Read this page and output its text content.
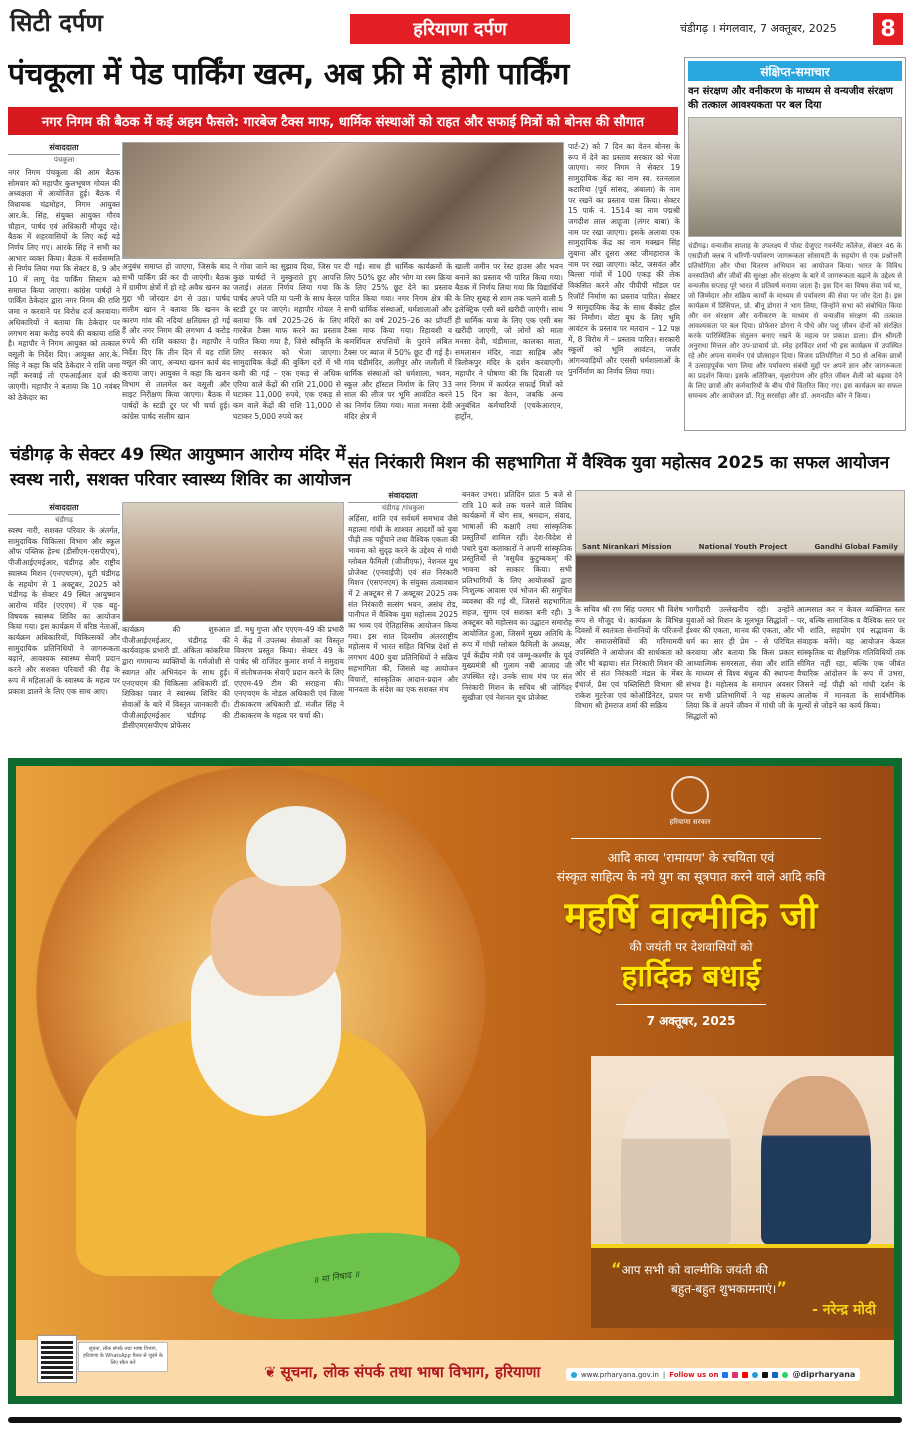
सिटी दर्पण	हरियाणा दर्पण	चंडीगढ़ । मंगलवार, 7 अक्तूबर, 2025	8
पंचकूला में पेड पार्किंग खत्म, अब फ्री में होगी पार्किंग
नगर निगम की बैठक में कई अहम फैसले: गारबेज टैक्स माफ, धार्मिक संस्थाओं को राहत और सफाई मित्रों को बोनस की सौगात
संवाददाता
पंचकूला
नगर निगम पंचकूला की आम बैठक सोमवार को महापौर कुलभूषण गोयल की अध्यक्षता में आयोजित हुई। बैठक में विधायक चंद्रमोहन, निगम आयुक्त आर.के. सिंह, संयुक्त आयुक्त गौरव चौहान, पार्षद एवं अधिकारी मौजूद रहे। बैठक में शहरवासियों के लिए कई बड़े निर्णय लिए गए। आरके सिंह ने सभी का आभार व्यक्त किया। बैठक में सर्वसम्मति से निर्णय लिया गया कि सेक्टर 8, 9 और 10 में लागू पेड पार्किंग सिस्टम को समाप्त किया जाएगा। कांग्रेस पार्षदों ने पार्किंग ठेकेदार द्वारा नगर निगम की राशि जमा न करवाने पर विरोध दर्ज करवाया। अधिकारियों ने बताया कि ठेकेदार पर लगभग सवा करोड़ रुपये की बकाया राशि है। महापौर ने निगम आयुक्त को तत्काल वसूली के निर्देश दिए। आयुक्त आर.के. सिंह ने कहा कि यदि ठेकेदार ने राशि जमा नहीं करवाई तो एफआईआर दर्ज की जाएगी। महापौर ने बताया कि 10 नवंबर को ठेकेदार का
अनुबंध समाप्त हो जाएगा, जिसके बाद सभी पार्किंग फ्री कर दी जाएंगी। बैठक में ग्रामीण क्षेत्रों में हो रहे अवैध खनन का मुद्दा भी जोरदार ढंग से उठा। पार्षद सलीम खान ने बताया कि खनन के कारण गांव की नदियां क्षतिग्रस्त हो गई हैं और नगर निगम की लगभग 4 करोड़ रुपये की राशि बकाया है। महापौर ने निर्देश दिए कि तीन दिन में यह राशि वसूल की जाए, अन्यथा खनन कार्य बंद कराया जाए। आयुक्त ने कहा कि खनन विभाग से तालमेल कर वसूली और साइट निरीक्षण किया जाएगा। बैठक में पार्षदों के स्टडी टूर पर भी चर्चा हुई। कांग्रेस पार्षद सलीम खान
ने गोवा जाने का सुझाव दिया, जिस पर कुछ पार्षदों ने मुस्कुराते हुए आपत्ति जताई। अंततः निर्णय लिया गया कि पार्षद अपने पति या पत्नी के साथ केरल स्टडी टूर पर जाएंगे। महापौर गोयल ने बताया कि वर्ष 2025-26 के लिए गारबेज टैक्स माफ करने का प्रस्ताव पारित किया गया है, जिसे स्वीकृति के लिए सरकार को भेजा जाएगा। सामुदायिक केंद्रों की बुकिंग दरों में भी कमी की गई – एक एकड़ से अधिक एरिया वाले केंद्रों की राशि 21,000 से घटाकर 11,000 रुपये, एक एकड़ से कम वाले केंद्रों की राशि 11,000 से घटाकर 5,000 रुपये कर
दी गई। साथ ही धार्मिक कार्यक्रमों के लिए 50% छूट और भोग या रस्म क्रिया के लिए 25% छूट देने का प्रस्ताव पारित किया गया। नगर निगम क्षेत्र की सभी धार्मिक संस्थाओं, धर्मशालाओं और मंदिरों का वर्ष 2025–26 का प्रॉपर्टी टैक्स माफ किया गया। रिहायशी व कमर्शियल संपत्तियों के पुराने लंबित टैक्स पर ब्याज में 50% छूट दी गई है। गांव चंडीमंदिर, अलीपुर और जलौली में धार्मिक संस्थाओं को धर्मशाला, भवन, स्कूल और हॉस्टल निर्माण के लिए 33 साल की लीज पर भूमि आवंटित करने का निर्णय लिया गया। माता मनसा देवी मंदिर क्षेत्र में
खाली जमीन पर रेस्ट हाउस और भवन बनाने का प्रस्ताव भी पारित किया गया। बैठक में निर्णय लिया गया कि विद्यार्थियों के लिए सुबह से शाम तक चलने वाली 5 इलेक्ट्रिक एसी बसें खरीदी जाएंगी। साथ ही धार्मिक यात्रा के लिए एक एसी बस खरीदी जाएगी, जो लोगों को माता मनसा देवी, चंडीमाता, कालका माता, समलासन मंदिर, नाडा साहिब और त्रिलोकपुर मंदिर के दर्शन करवाएगी। महापौर ने घोषणा की कि दिवाली पर नगर निगम में कार्यरत सफाई मित्रों को 15 दिन का वेतन, जबकि अन्य अनुबंधित कर्मचारियों (एचकेआरएन, हार्ट्रोन,
पार्ट-2) को 7 दिन का वेतन बोनस के रूप में देने का प्रस्ताव सरकार को भेजा जाएगा। नगर निगम ने सेक्टर 19 सामुदायिक केंद्र का नाम स्व. रतनलाल कटारिया (पूर्व सांसद, अंबाला) के नाम पर रखने का प्रस्ताव पास किया। सेक्टर 15 पार्क नं. 1514 का नाम पद्मश्री जगदीश लाल आहूजा (लंगर बाबा) के नाम पर रखा जाएगा। इसके अलावा एक सामुदायिक केंद्र का नाम मक्खन सिंह लुबाना और दूसरा अस्ट जीमहाराज के नाम पर रखा जाएगा। कोट, जसवंत और बिल्ला गांवों में 100 एकड़ की लेक विकसित करने और पीपीपी मॉडल पर रिजॉर्ट निर्माण का प्रस्ताव पारित। सेक्टर 9 सामुदायिक केंद्र के साथ बैंक्वेट हॉल का निर्माण। वोटा बूथ के लिए भूमि आवंटन के प्रस्ताव पर मतदान – 12 पक्ष में, 8 विरोध में – प्रस्ताव पारित। सरकारी स्कूलों को भूमि आवंटन, जर्जर आंगनवाड़ियों और एससी धर्मशालाओं के पुनर्निर्माण का निर्णय लिया गया।
संक्षिप्त-समाचार
वन संरक्षण और वनीकरण के माध्यम से वन्यजीव संरक्षण की तत्काल आवश्यकता पर बल दिया
चंडीगढ़। वन्यजीव सप्ताह के उपलक्ष्य में पोस्ट ग्रेजुएट गवर्नमेंट कॉलेज, सेक्टर 46 के एसडीजी क्लब ने धरिणी-पर्यावरण जागरूकता सोसायटी के सहयोग से एक प्रश्नोत्तरी प्रतियोगिता और पौधा वितरण अभियान का आयोजन किया। भारत के विविध वनस्पतियों और जीवों की सुरक्षा और संरक्षण के बारे में जागरूकता बढ़ाने के उद्देश्य से वन्यजीव सप्ताह पूरे भारत में प्रतिवर्ष मनाया जाता है। इस दिन का विषय सेवा पर्व था, जो जिम्मेदार और सक्रिय कार्यों के माध्यम से पर्यावरण की सेवा पर जोर देता है। इस कार्यक्रम में प्रिंसिपल, प्रो. बीनू डोगरा ने भाग लिया, जिन्होंने सभा को संबोधित किया और वन संरक्षण और वनीकरण के माध्यम से वन्यजीव संरक्षण की तत्काल आवश्यकता पर बल दिया। प्रोफेसर डोगरा ने पौधे और पशु जीवन दोनों को संरक्षित करके पारिस्थितिक संतुलन बनाए रखने के महत्व पर प्रकाश डाला। डीन श्रीमती अनुराधा मित्तल और उप-प्राचार्य प्रो. स्नेह हरविंदर शर्मा भी इस कार्यक्रम में उपस्थित रहे और अपना समर्थन एवं प्रोत्साहन दिया। विजय प्रतियोगिता में 50 से अधिक छात्रों ने उत्साहपूर्वक भाग लिया और पर्यावरण संबंधी मुद्दों पर अपने ज्ञान और जागरूकता का प्रदर्शन किया। इसके अतिरिक्त, वृक्षारोपण और हरित जीवन शैली को बढ़ावा देने के लिए छात्रों और कर्मचारियों के बीच पौधे वितरित किए गए। इस कार्यक्रम का सफल समन्वय और आयोजन डॉ. रितु सरसोहा और डॉ. अमनप्रीत कौर ने किया।
चंडीगढ़ के सेक्टर 49 स्थित आयुष्मान आरोग्य मंदिर में
स्वस्थ नारी, सशक्त परिवार स्वास्थ्य शिविर का आयोजन
संवाददाता
चंडीगढ़
स्वस्थ नारी, सशक्त परिवार के अंतर्गत, सामुदायिक चिकित्सा विभाग और स्कूल ऑफ पब्लिक हेल्थ (डीसीएम-एसपीएच), पीजीआईएमईआर, चंडीगढ़ और राष्ट्रीय स्वास्थ्य मिशन (एनएचएम), यूटी चंडीगढ़ के सहयोग से 1 अक्टूबर, 2025 को चंडीगढ़ के सेक्टर 49 स्थित आयुष्मान आरोग्य मंदिर (एएएम) में एक बहु-विषयक स्वास्थ्य शिविर का आयोजन किया गया। इस कार्यक्रम में वरिष्ठ नेताओं, कार्यक्रम अधिकारियों, चिकित्सकों और सामुदायिक प्रतिनिधियों ने जागरूकता बढ़ाने, आवश्यक स्वास्थ्य सेवाएँ प्रदान करने और सशक्त परिवारों की रीढ़ के रूप में महिलाओं के स्वास्थ्य के महत्व पर प्रकाश डालने के लिए एक साथ आए।
कार्यक्रम की शुरुआत पीजीआईएमईआर, चंडीगढ़ की कार्यवाहक प्रभारी डॉ. अंकिता कांकरिया द्वारा गणमान्य व्यक्तियों के गर्मजोशी से स्वागत और अभिनंदन के साथ हुई। एनएचएम की चिकित्सा अधिकारी डॉ. शिविका पवार ने स्वास्थ्य शिविर की सेवाओं के बारे में विस्तृत जानकारी दी। पीजीआईएमईआर चंडीगढ़ की डीसीएमएसपीएच प्रोफेसर
डॉ. मधु गुप्ता और एएएम-49 की प्रभारी ने केंद्र में उपलब्ध सेवाओं का विस्तृत विवरण प्रस्तुत किया। सेक्टर 49 के पार्षद श्री राजिंदर कुमार शर्मा ने समुदाय में संतोषजनक सेवाएँ प्रदान करने के लिए एएएम-49 टीम की सराहना की। एनएचएम के नोडल अधिकारी एवं जिला टीकाकरण अधिकारी डॉ. मंजीत सिंह ने टीकाकरण के महत्व पर चर्चा की।
संत निरंकारी मिशन की सहभागिता में वैश्विक युवा महोत्सव 2025 का सफल आयोजन
संवाददाता
चंडीगढ़ /पंचकुला
अहिंसा, शांति एवं सर्वधर्म समभाव जैसे महात्मा गांधी के शाश्वत आदर्शों को युवा पीढ़ी तक पहुँचाने तथा वैश्विक एकता की भावना को सुदृढ़ करने के उद्देश्य से गांधी ग्लोबल फैमिली (जीजीएफ), नेशनल यूथ प्रोजेक्ट (एनवाईपी) एवं संत निरंकारी मिशन (एसएनएम) के संयुक्त तत्वावधान में 2 अक्टूबर से 7 अक्टूबर 2025 तक संत निरंकारी सत्संग भवन, असंध रोड, पानीपत में वैश्विक युवा महोत्सव 2025 का भव्य एवं ऐतिहासिक आयोजन किया गया। इस सात दिवसीय अंतरराष्ट्रीय महोत्सव में भारत सहित विभिन्न देशों से लगभग 400 युवा प्रतिनिधियों ने सक्रिय सहभागिता की, जिससे यह आयोजन विचारों, सांस्कृतिक आदान-प्रदान और मानवता के संदेश का एक सशक्त मंच
बनकर उभरा। प्रतिदिन प्रातः 5 बजे से रात्रि 10 बजे तक चलने वाले विविध कार्यक्रमों में योग सत्र, श्रमदान, संवाद, भाषाओं की कक्षाएँ तथा सांस्कृतिक प्रस्तुतियाँ शामिल रहीं। देश-विदेश से पधारे युवा कलाकारों ने अपनी सांस्कृतिक प्रस्तुतियों से 'वसुधैव कुटुम्बकम्' की भावना को साकार किया। सभी प्रतिभागियों के लिए आयोजकों द्वारा निःशुल्क आवास एवं भोजन की समुचित व्यवस्था की गई थी, जिससे सहभागिता सहज, सुगम एवं सशक्त बनी रही। 3 अक्टूबर को महोत्सव का उद्घाटन समारोह आयोजित हुआ, जिसमें मुख्य अतिथि के रूप में गांधी ग्लोबल फैमिली के अध्यक्ष, पूर्व केंद्रीय मंत्री एवं जम्मू-कश्मीर के पूर्व मुख्यमंत्री श्री गुलाम नबी आजाद जी उपस्थित रहे। उनके साथ मंच पर संत निरंकारी मिशन के सचिव श्री जोगिंदर सुखीजा एवं नेशनल यूथ प्रोजेक्ट
Sant Nirankari Mission	National Youth Project	Gandhi Global Family
के सचिव श्री रण सिंह परमार भी विशेष रूप से मौजूद थे। कार्यक्रम के विभिन्न दिवसों में स्वतंत्रता सेनानियों के परिजनों और समाजसेवियों की गरिमामयी उपस्थिति ने आयोजन की सार्थकता को और भी बढ़ाया। संत निरंकारी मिशन की ओर से संत निरंकारी मंडल के मेंबर इंचार्ज, प्रैस एवं पब्लिसिटी विभाग श्री राकेश मुटरेजा एवं कोऑर्डिनेटर, प्रचार विभाग श्री हेमराज शर्मा की सक्रिय
भागीदारी उल्लेखनीय रही। उन्होंने युवाओं को मिशन के मूलभूत सिद्धांतों – ईश्वर की एकता, मानव की एकता, और धर्म का सार ही प्रेम – से परिचित करवाया और बताया कि किस प्रकार आध्यात्मिक समरसता, सेवा और शांति के माध्यम से विश्व बंधुत्व की स्थापना संभव है। महोत्सव के समापन अवसर पर सभी प्रतिभागियों ने यह संकल्प लिया कि वे अपने जीवन में गांधी जी के सिद्धांतों को
आत्मसात कर न केवल व्यक्तिगत स्तर पर, बल्कि सामाजिक व वैश्विक स्तर पर भी शांति, सहयोग एवं सद्भावना के संवाहक बनेंगे। यह आयोजन केवल सांस्कृतिक या शैक्षणिक गतिविधियों तक सीमित नहीं रहा, बल्कि एक जीवंत वैचारिक आंदोलन के रूप में उभरा, जिसने नई पीढ़ी को गांधी दर्शन के आलोक में मानवता के सार्वभौमिक मूल्यों से जोड़ने का कार्य किया।
॥ मा निषाद ॥
हरियाणा सरकार
आदि काव्य 'रामायण' के रचयिता एवं
संस्कृत साहित्य के नये युग का सूत्रपात करने वाले आदि कवि
महर्षि वाल्मीकि जी
की जयंती पर देशवासियों को
हार्दिक बधाई
7 अक्तूबर, 2025
“आप सभी को वाल्मीकि जयंती की
बहुत-बहुत शुभकामनाएं।”
- नरेन्द्र मोदी
सूचना, लोक संपर्क तथा भाषा विभाग, हरियाणा के WhatsApp चैनल से जुड़ने के लिए स्कैन करें	❦ सूचना, लोक संपर्क तथा भाषा विभाग, हरियाणा	www.prharyana.gov.in | Follow us on	@diprharyana
